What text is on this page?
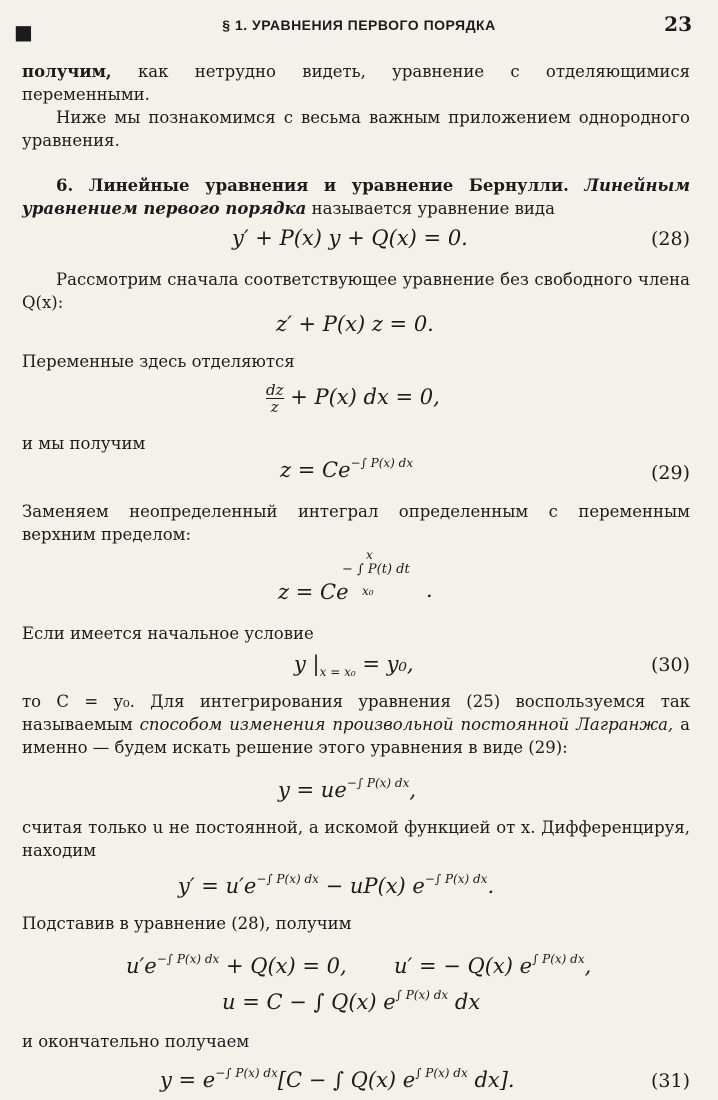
■	§ 1. УРАВНЕНИЯ ПЕРВОГО ПОРЯДКА	23
получим, как нетрудно видеть, уравнение с отделяющимися переменными.
Ниже мы познакомимся с весьма важным приложением однородного уравнения.
6. Линейные уравнения и уравнение Бернулли. Линейным уравнением первого порядка называется уравнение вида
y′ + P(x) y + Q(x) = 0.	(28)
Рассмотрим сначала соответствующее уравнение без свободного члена Q(x):
z′ + P(x) z = 0.
Переменные здесь отделяются
$\frac{dz}{z} + P(x)$ dx = 0,
и мы получим
$z = Ce^{-\int P(x) dx}$	(29)
Заменяем неопределенный интеграл определенным с переменным верхним пределом:
z = Ce
x
− ∫ P(t) dt
x₀ .
Если имеется начальное условие
y $|_{x = x_0} = y_0$,	(30)
то C = y₀. Для интегрирования уравнения (25) воспользуемся так называемым способом изменения произвольной постоянной Лагранжа, а именно — будем искать решение этого уравнения в виде (29):
$y = ue^{-\int P(x) dx}$,
считая только u не постоянной, а искомой функцией от x. Дифференцируя, находим
$y' = u'e^{-\int P(x) dx} - uP(x)$ $e^{-\int P(x) dx}$.
Подставив в уравнение (28), получим
$u'e^{-\int P(x) dx} + Q(x) = 0$, u′ = − Q(x) $e^{\int P(x) dx}$,
u = C − ∫ Q(x) $e^{\int P(x) dx}$ dx
и окончательно получаем
$y = e^{-\int P(x) dx}[C$ − ∫ Q(x) $e^{\int P(x) dx}$ dx].	(31)
